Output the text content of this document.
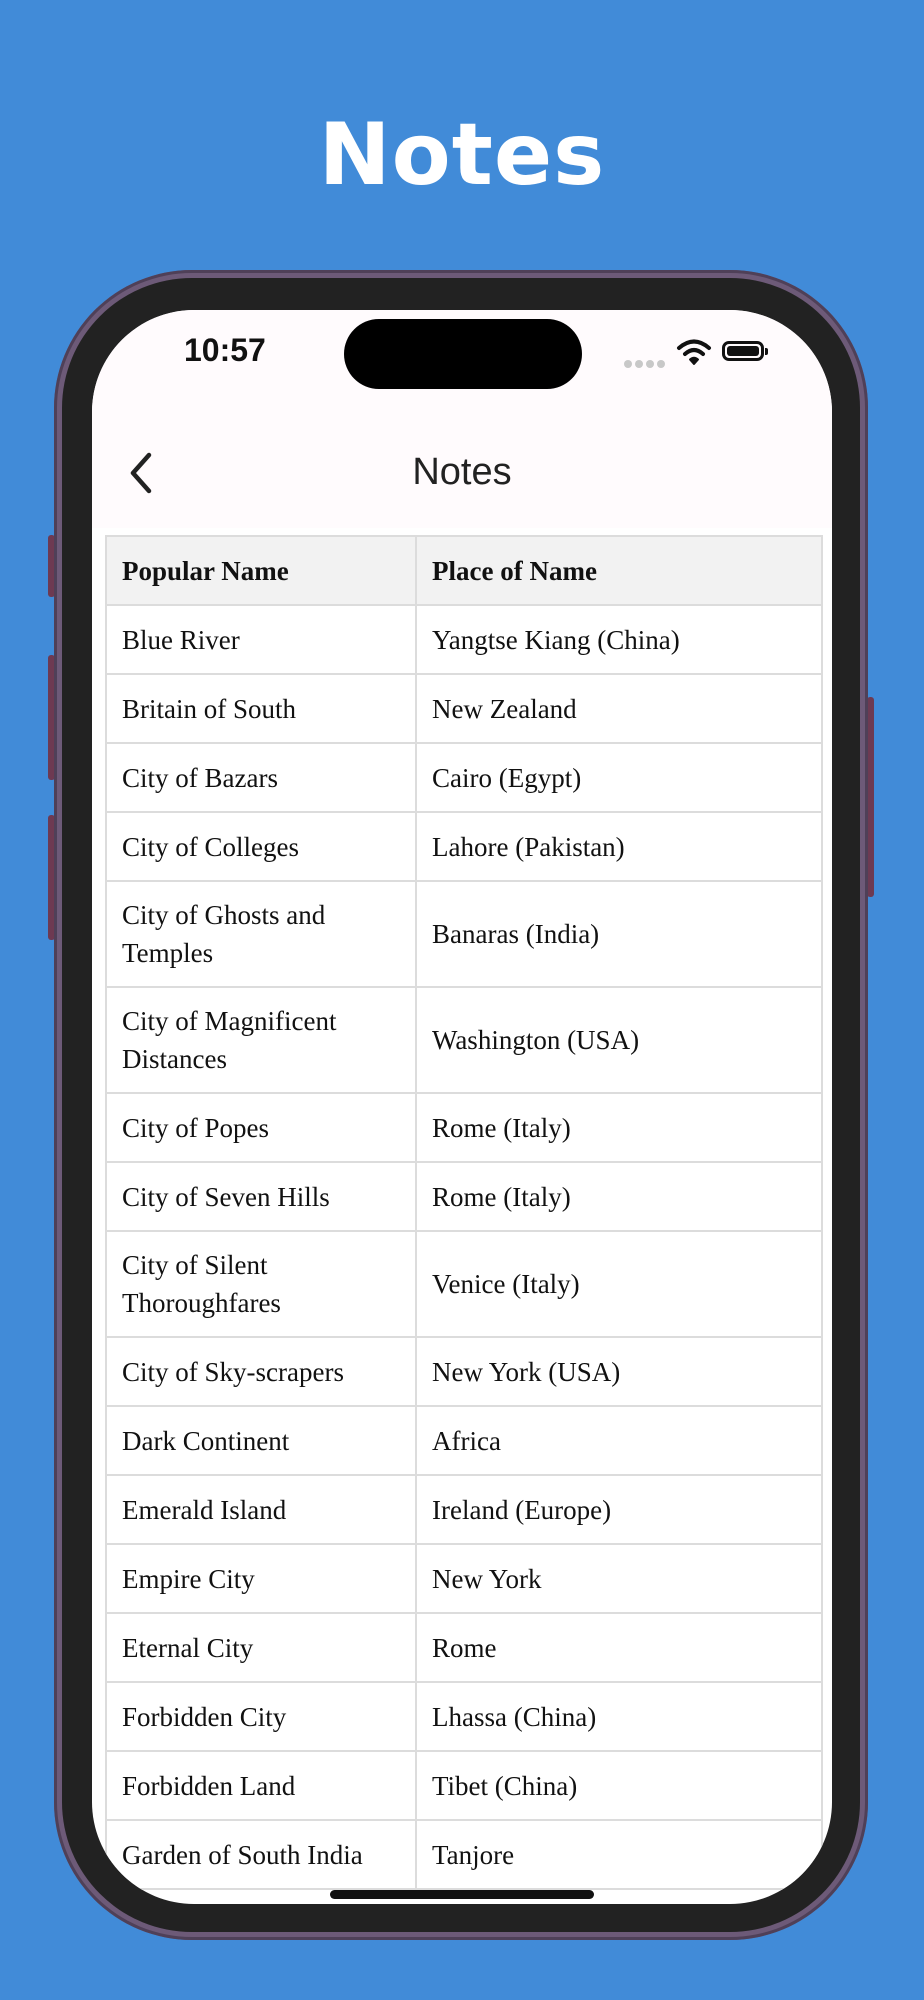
Notes
10:57
Notes
Popular Name	Place of Name
Blue River	Yangtse Kiang (China)
Britain of South	New Zealand
City of Bazars	Cairo (Egypt)
City of Colleges	Lahore (Pakistan)
City of Ghosts and Temples	Banaras (India)
City of Magnificent Distances	Washington (USA)
City of Popes	Rome (Italy)
City of Seven Hills	Rome (Italy)
City of Silent Thoroughfares	Venice (Italy)
City of Sky-scrapers	New York (USA)
Dark Continent	Africa
Emerald Island	Ireland (Europe)
Empire City	New York
Eternal City	Rome
Forbidden City	Lhassa (China)
Forbidden Land	Tibet (China)
Garden of South India	Tanjore
